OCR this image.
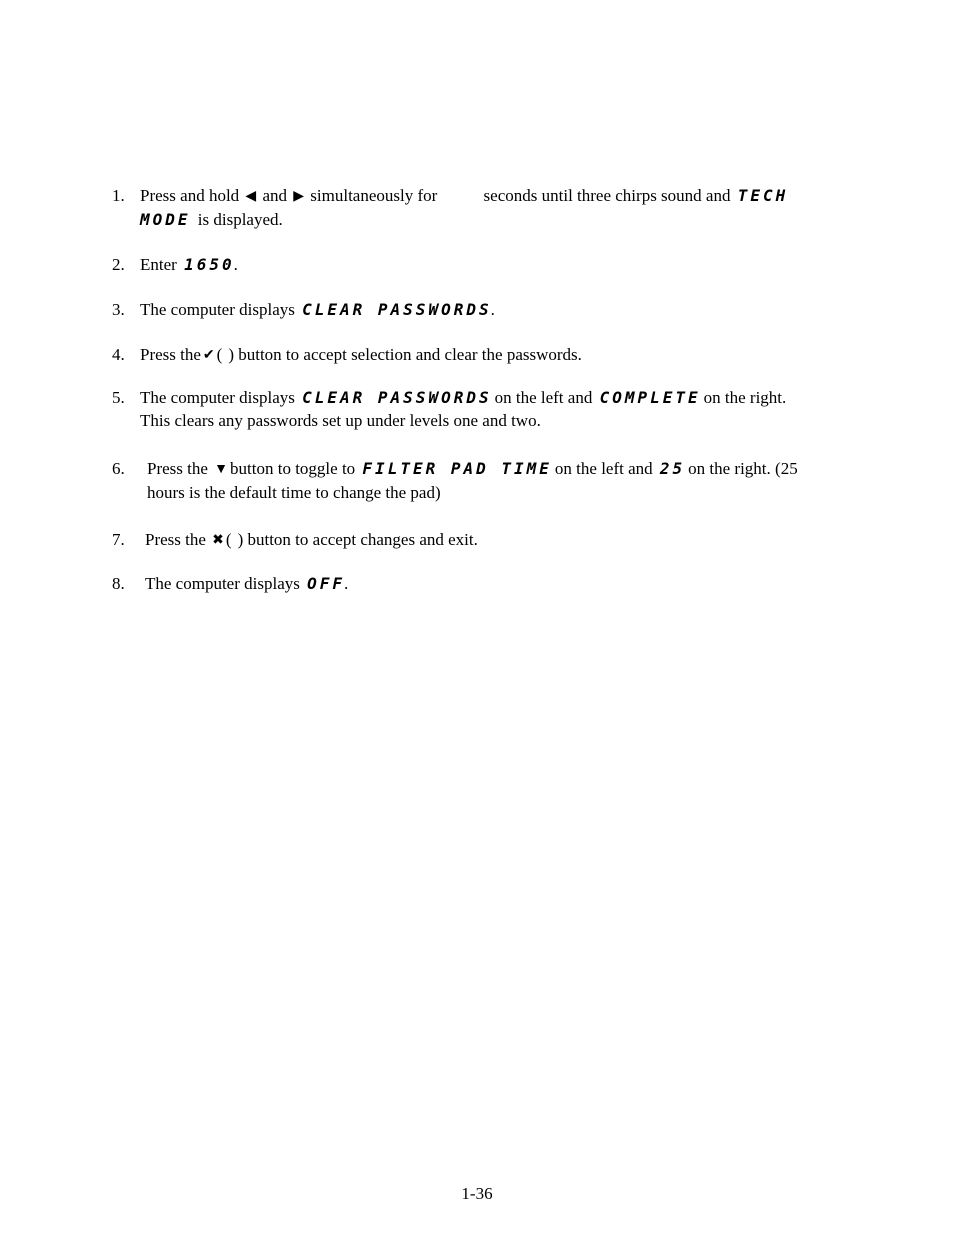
1. Press and hold ◀ and ▶ simultaneously for	seconds until three chirps sound and TECH
MODE is displayed.
2. Enter 1650.
3. The computer displays CLEAR PASSWORDS.
4. Press the ✔ ( ) button to accept selection and clear the passwords.
5. The computer displays CLEAR PASSWORDS on the left and COMPLETE on the right.
This clears any passwords set up under levels one and two.
6. Press the ▼ button to toggle to FILTER PAD TIME on the left and 25 on the right. (25
hours is the default time to change the pad)
7. Press the ✖ ( ) button to accept changes and exit.
8. The computer displays OFF.
1-36
